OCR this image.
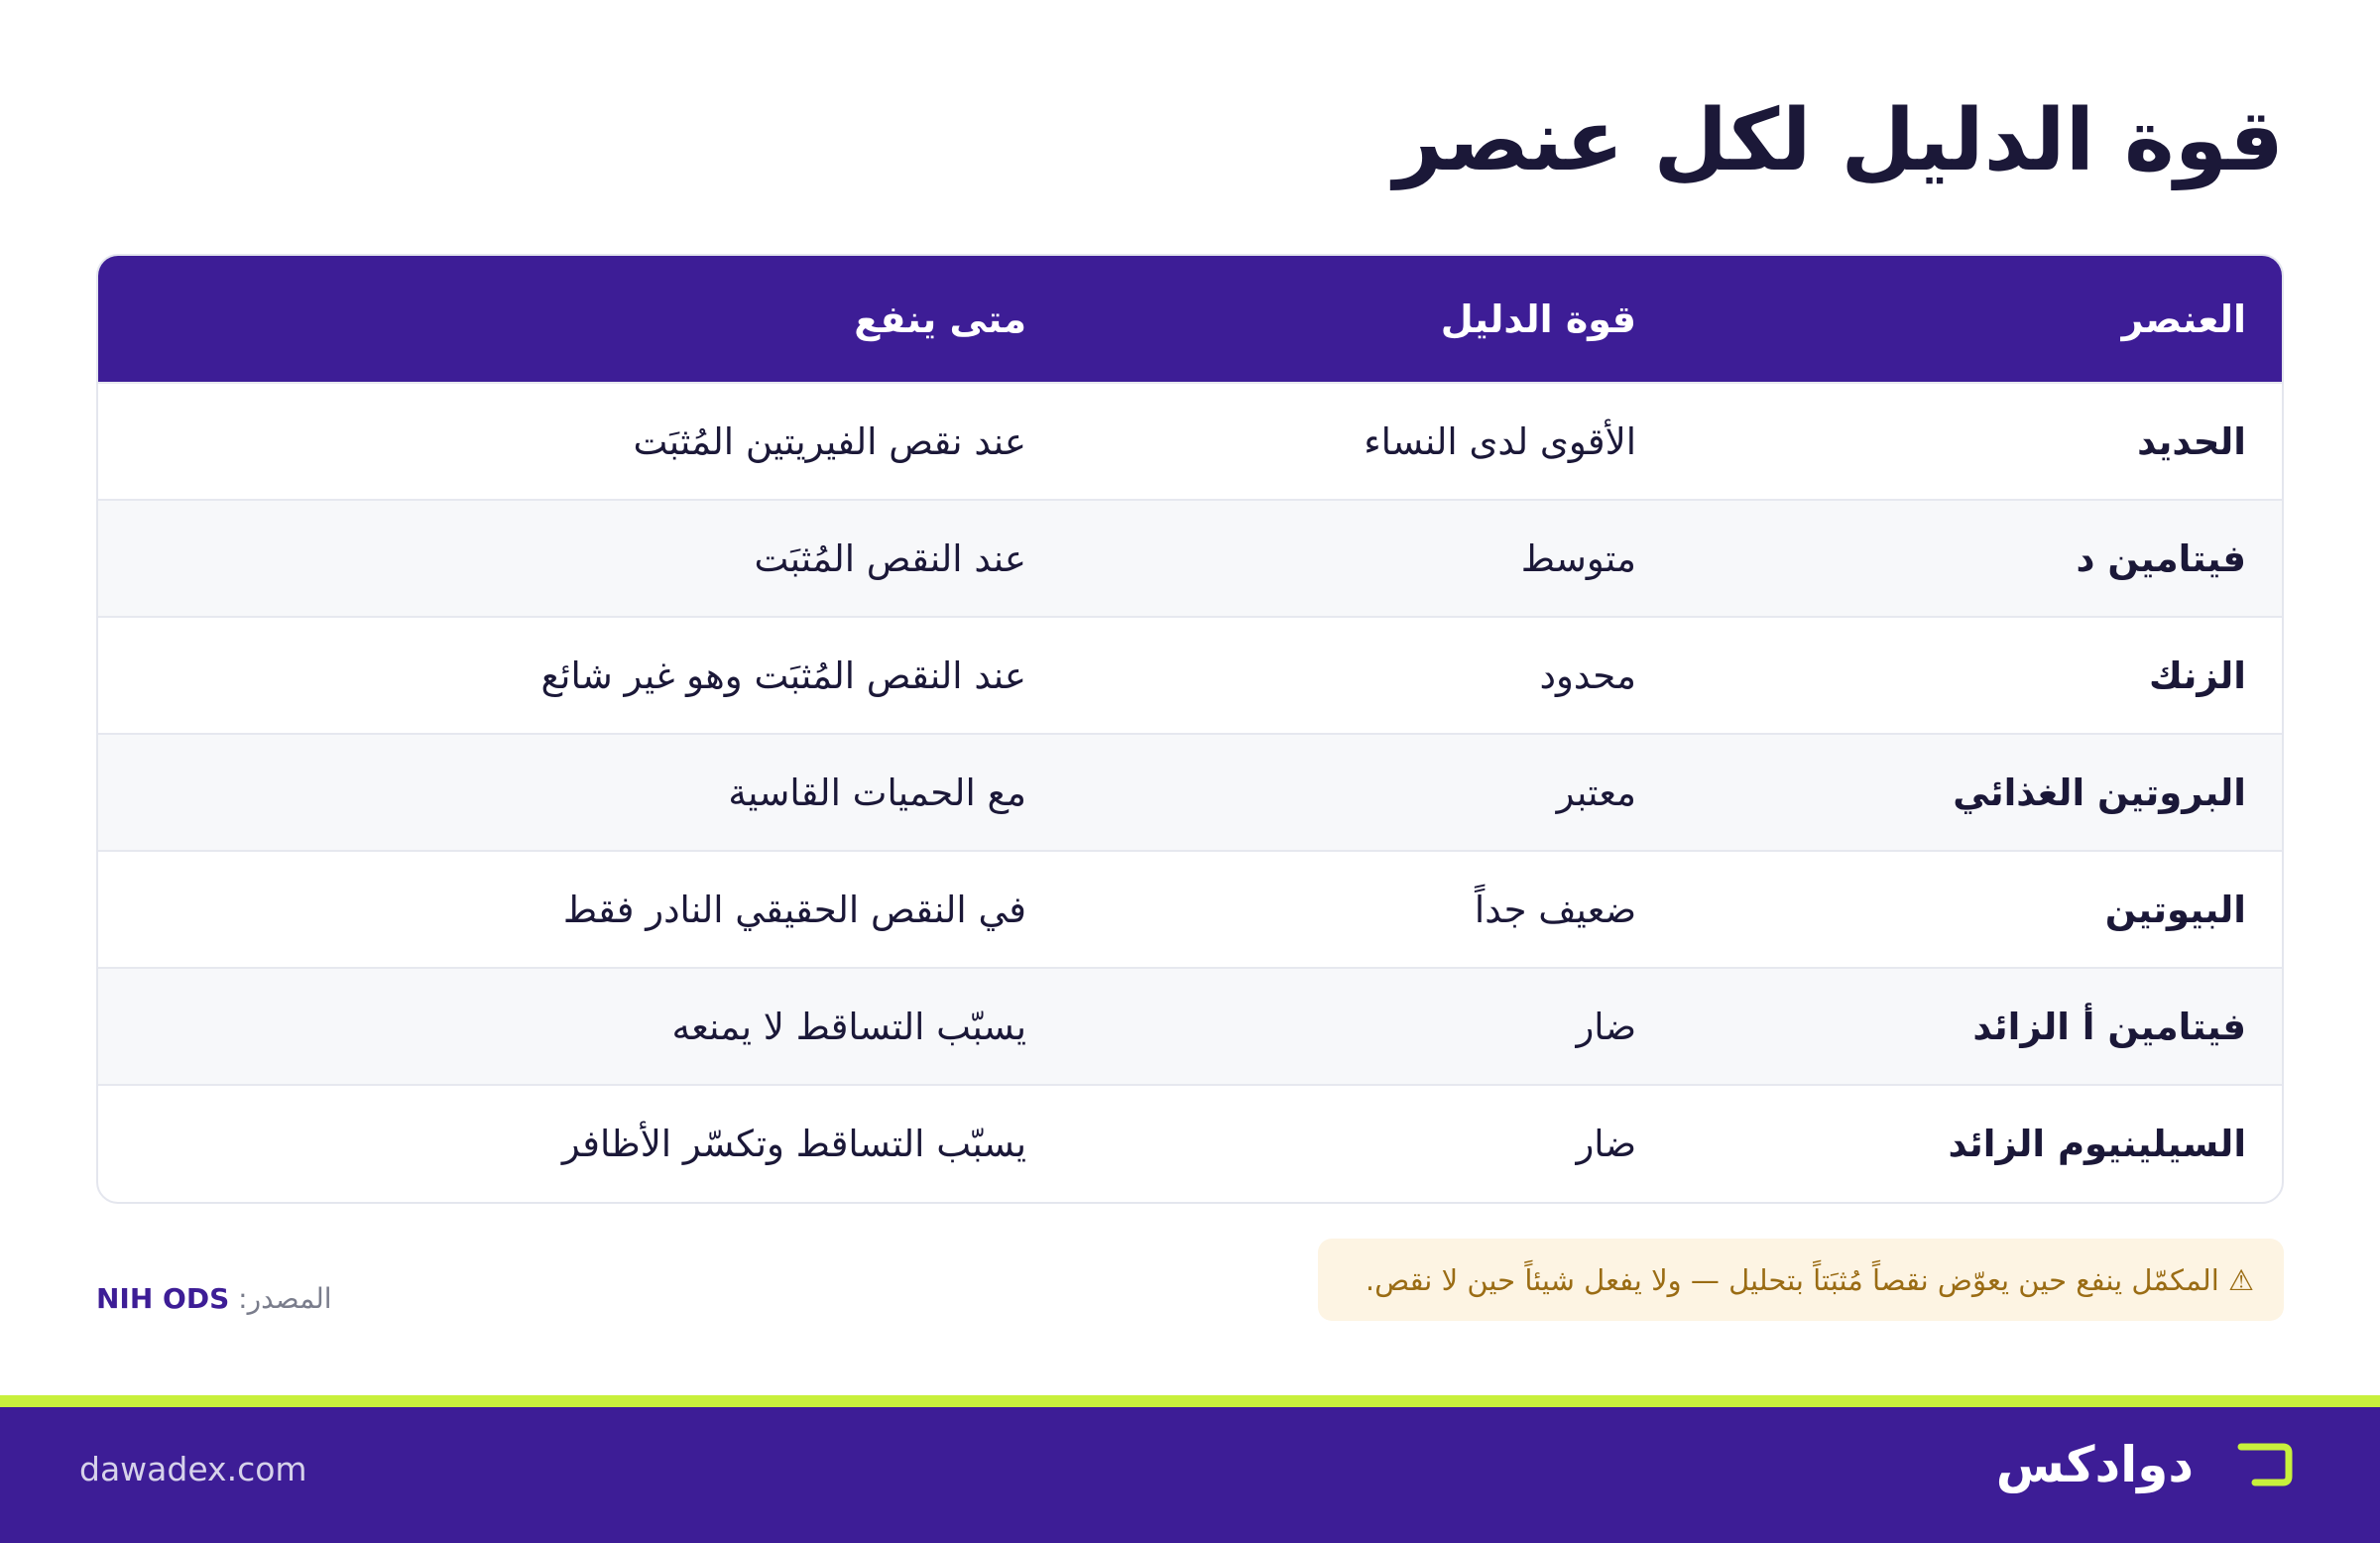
قوة الدليل لكل عنصر
العنصر	قوة الدليل	متى ينفع
الحديد	الأقوى لدى النساء	عند نقص الفيريتين المُثبَت
فيتامين د	متوسط	عند النقص المُثبَت
الزنك	محدود	عند النقص المُثبَت وهو غير شائع
البروتين الغذائي	معتبر	مع الحميات القاسية
البيوتين	ضعيف جداً	في النقص الحقيقي النادر فقط
فيتامين أ الزائد	ضار	يسبّب التساقط لا يمنعه
السيلينيوم الزائد	ضار	يسبّب التساقط وتكسّر الأظافر
⚠ المكمّل ينفع حين يعوّض نقصاً مُثبَتاً بتحليل — ولا يفعل شيئاً حين لا نقص.
المصدر: NIH ODS
دوادكس
dawadex.com
